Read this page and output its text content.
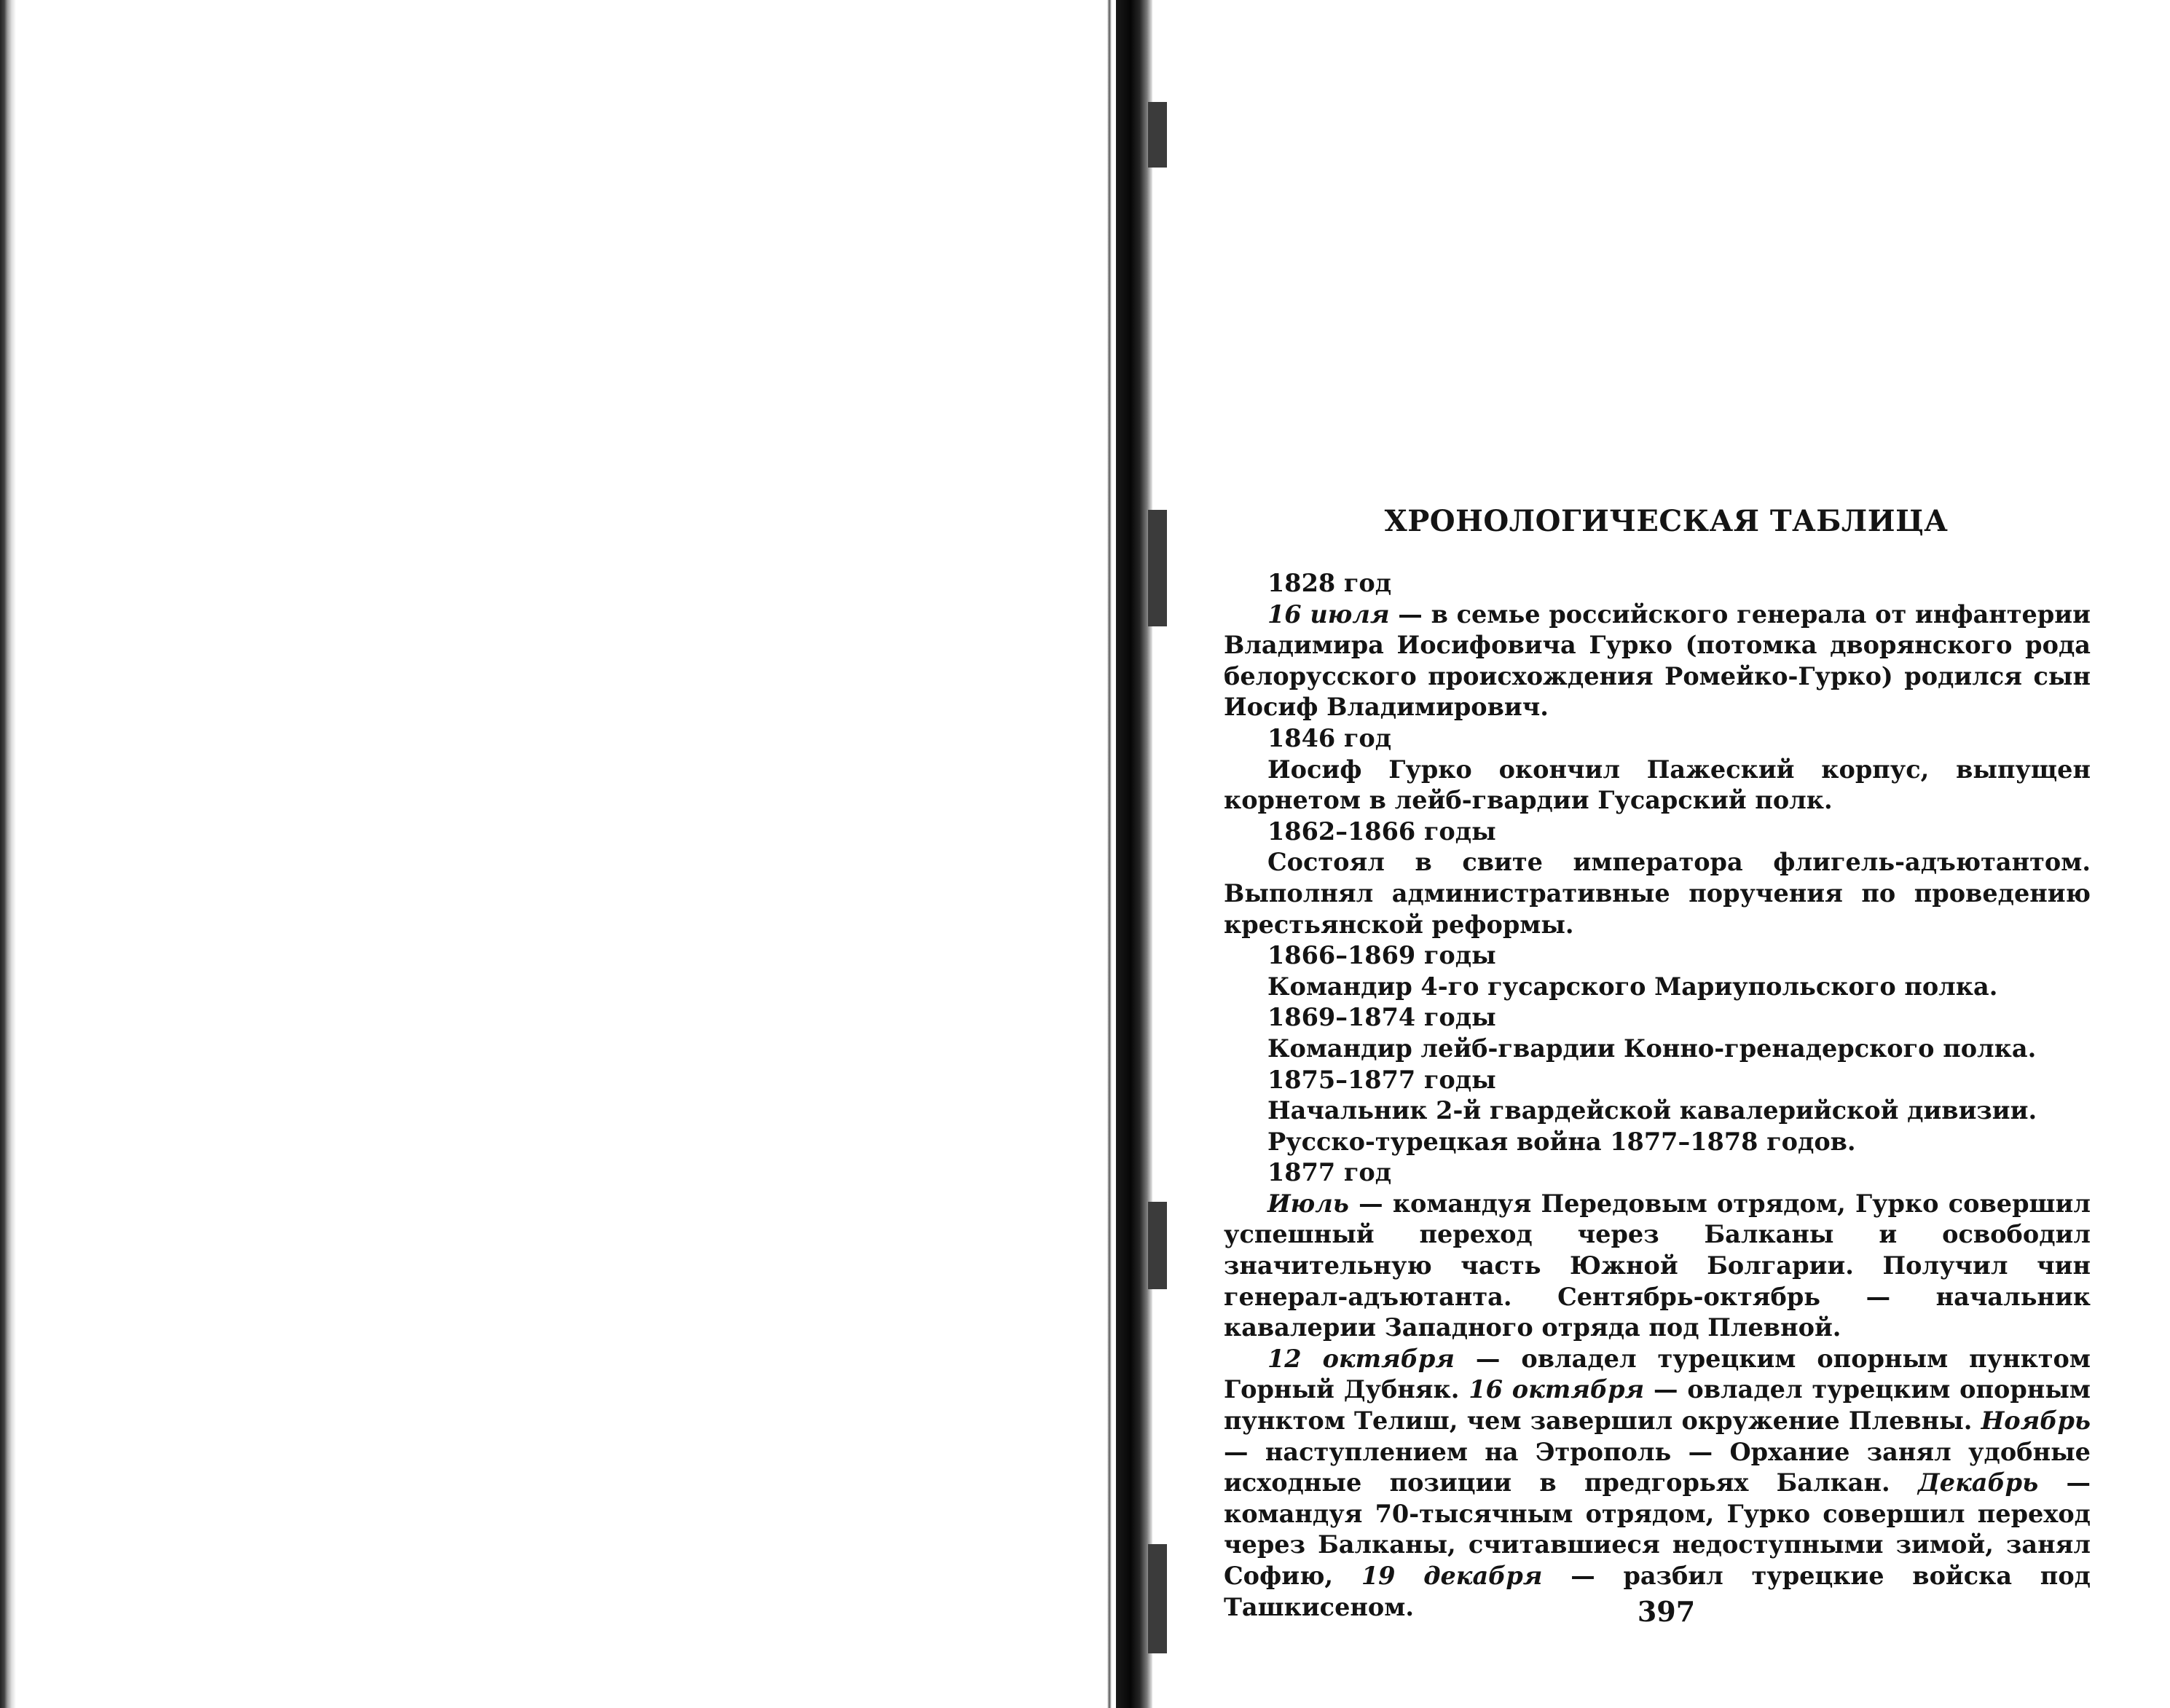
ХРОНОЛОГИЧЕСКАЯ ТАБЛИЦА

1828 год

16 июля — в семье российского генерала от инфантерии Владимира Иосифовича Гурко (потомка дворянского рода белорусского происхождения Ромейко-Гурко) родился сын Иосиф Владимирович.

1846 год

Иосиф Гурко окончил Пажеский корпус, выпущен корнетом в лейб-гвардии Гусарский полк.

1862–1866 годы

Состоял в свите императора флигель-адъютантом. Выполнял административные поручения по проведению крестьянской реформы.

1866–1869 годы

Командир 4-го гусарского Мариупольского полка.

1869–1874 годы

Командир лейб-гвардии Конно-гренадерского полка.

1875–1877 годы

Начальник 2-й гвардейской кавалерийской дивизии.

Русско-турецкая война 1877–1878 годов.

1877 год

Июль — командуя Передовым отрядом, Гурко совершил успешный переход через Балканы и освободил значительную часть Южной Болгарии. Получил чин генерал-адъютанта. Сентябрь-октябрь — начальник кавалерии Западного отряда под Плевной.

12 октября — овладел турецким опорным пунктом Горный Дубняк. 16 октября — овладел турецким опорным пунктом Телиш, чем завершил окружение Плевны. Ноябрь — наступлением на Этрополь — Орхание занял удобные исходные позиции в предгорьях Балкан. Декабрь — командуя 70-тысячным отрядом, Гурко совершил переход через Балканы, считавшиеся недоступными зимой, занял Софию, 19 декабря — разбил турецкие войска под Ташкисеном.	397
